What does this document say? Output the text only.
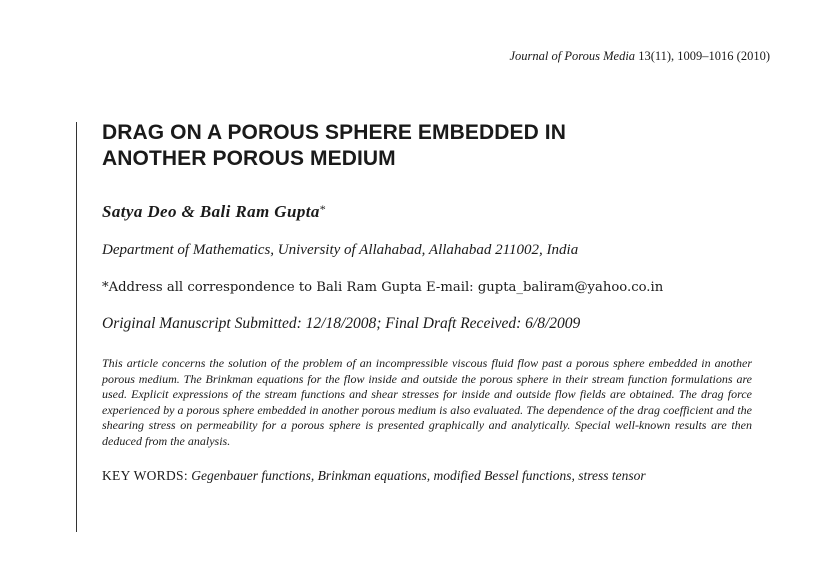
Journal of Porous Media 13(11), 1009–1016 (2010)
DRAG ON A POROUS SPHERE EMBEDDED IN
ANOTHER POROUS MEDIUM
Satya Deo & Bali Ram Gupta*
Department of Mathematics, University of Allahabad, Allahabad 211002, India
*Address all correspondence to Bali Ram Gupta E-mail: gupta_baliram@yahoo.co.in
Original Manuscript Submitted: 12/18/2008; Final Draft Received: 6/8/2009
This article concerns the solution of the problem of an incompressible viscous fluid flow past a porous sphere embedded in another porous medium. The Brinkman equations for the flow inside and outside the porous sphere in their stream function formulations are used. Explicit expressions of the stream functions and shear stresses for inside and outside flow fields are obtained. The drag force experienced by a porous sphere embedded in another porous medium is also evaluated. The dependence of the drag coefficient and the shearing stress on permeability for a porous sphere is presented graphically and analytically. Special well-known results are then deduced from the analysis.
KEY WORDS: Gegenbauer functions, Brinkman equations, modified Bessel functions, stress tensor
